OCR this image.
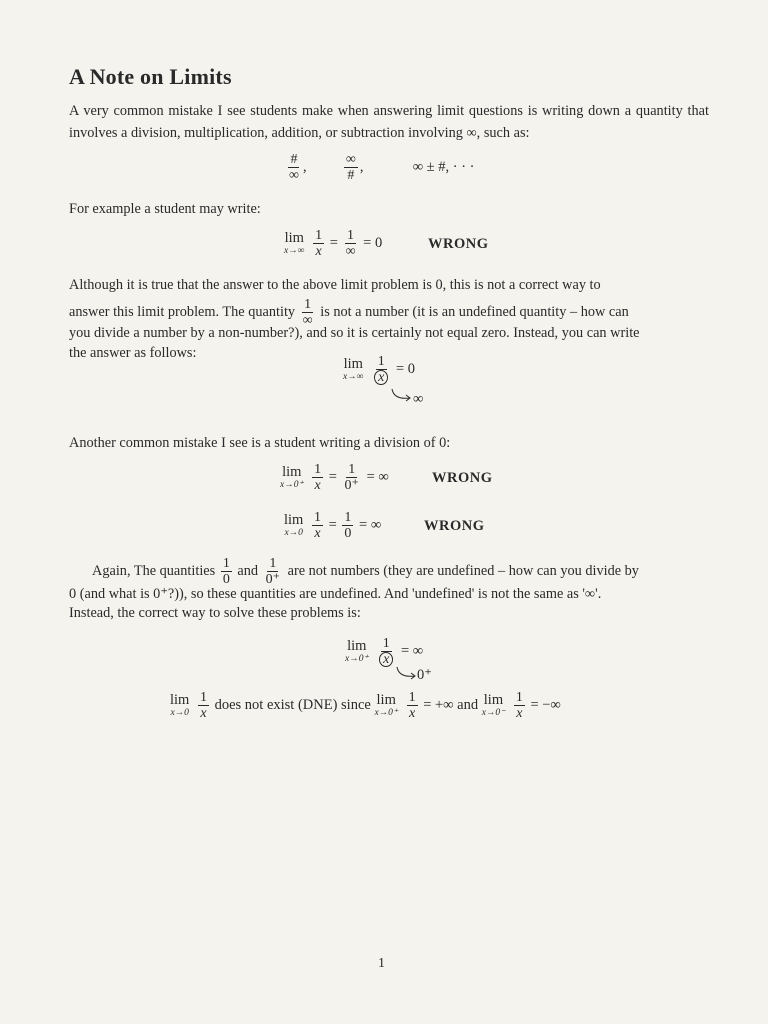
A Note on Limits
A very common mistake I see students make when answering limit questions is writing down a quantity that involves a division, multiplication, addition, or subtraction involving ∞, such as:
$\frac{\#}{\infty}$ ,	$\frac{\infty}{\#}$ ,	∞ ± #, · · ·
For example a student may write:
lim
x→∞
$\frac{1}{x} = \frac{1}{\infty} = 0$	WRONG
Although it is true that the answer to the above limit problem is 0, this is not a correct way to
answer this limit problem. The quantity $\frac{1}{\infty}$ is not a number (it is an undefined quantity – how can
you divide a number by a non-number?), and so it is certainly not equal zero. Instead, you can write
the answer as follows:
lim
x→∞
$\frac{1}{x} = 0$
∞
Another common mistake I see is a student writing a division of 0:
lim
x→0⁺
$\frac{1}{x} = \frac{1}{0^+}$ = ∞	WRONG
lim
x→0
$\frac{1}{x} = \frac{1}{0}$ = ∞	WRONG
Again, The quantities $\frac{1}{0}$ and $\frac{1}{0^+}$ are not numbers (they are undefined – how can you divide by
0 (and what is 0⁺?)), so these quantities are undefined. And 'undefined' is not the same as '∞'.
Instead, the correct way to solve these problems is:
lim
x→0⁺
$\frac{1}{x}$ = ∞
0⁺
lim
x→0
$\frac{1}{x}$ does not exist (DNE) since lim
x→0⁺
$\frac{1}{x}$ = +∞ and lim
x→0⁻
$\frac{1}{x}$ = −∞
1
